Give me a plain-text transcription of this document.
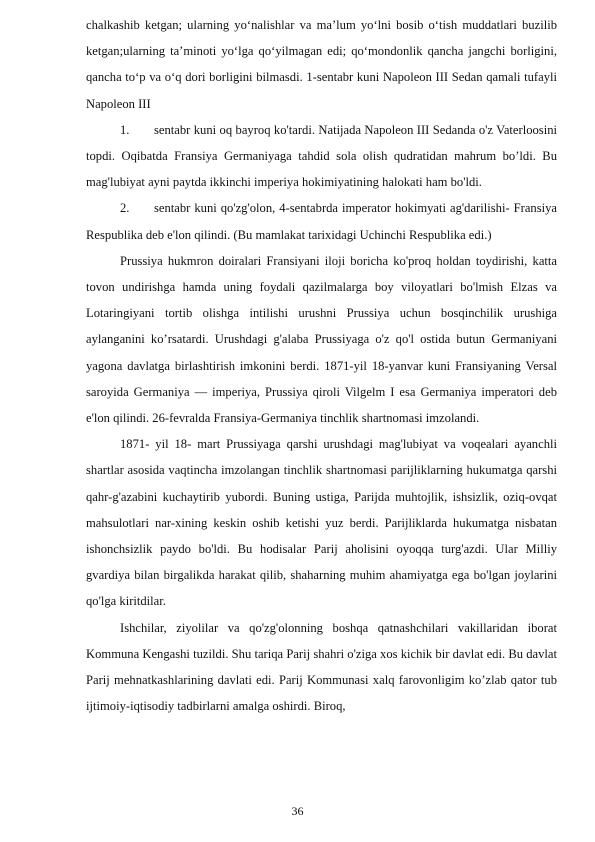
chalkashib ketgan; ularning yo‘nalishlar va ma’lum yo‘lni bosib o‘tish muddatlari buzilib ketgan;ularning ta’minoti yo‘lga qo‘yilmagan edi; qo‘mondonlik qancha jangchi borligini, qancha to‘p va o‘q dori borligini bilmasdi. 1-sentabr kuni Napoleon III Sedan qamali tufayli Napoleon III

1. sentabr kuni oq bayroq ko'tardi. Natijada Napoleon III Sedanda o'z Vaterloosini topdi. Oqibatda Fransiya Germaniyaga tahdid sola olish qudratidan mahrum bo’ldi. Bu mag'lubiyat ayni paytda ikkinchi imperiya hokimiyatining halokati ham bo'ldi.

2. sentabr kuni qo'zg'olon, 4-sentabrda imperator hokimyati ag'darilishi- Fransiya Respublika deb e'lon qilindi. (Bu mamlakat tarixidagi Uchinchi Respublika edi.)

Prussiya hukmron doiralari Fransiyani iloji boricha ko'proq holdan toydirishi, katta tovon undirishga hamda uning foydali qazilmalarga boy viloyatlari bo'lmish Elzas va Lotaringiyani tortib olishga intilishi urushni Prussiya uchun bosqinchilik urushiga aylanganini ko’rsatardi. Urushdagi g'alaba Prussiyaga o'z qo'l ostida butun Germaniyani yagona davlatga birlashtirish imkonini berdi. 1871-yil 18-yanvar kuni Fransiyaning Versal saroyida Germaniya — imperiya, Prussiya qiroli Vilgelm I esa Germaniya imperatori deb e'lon qilindi. 26-fevralda Fransiya-Germaniya tinchlik shartnomasi imzolandi.

1871- yil 18- mart Prussiyaga qarshi urushdagi mag'lubiyat va voqealari ayanchli shartlar asosida vaqtincha imzolangan tinchlik shartnomasi parijliklarning hukumatga qarshi qahr-g'azabini kuchaytirib yubordi. Buning ustiga, Parijda muhtojlik, ishsizlik, oziq-ovqat mahsulotlari nar-xining keskin oshib ketishi yuz berdi. Parijliklarda hukumatga nisbatan ishonchsizlik paydo bo'ldi. Bu hodisalar Parij aholisini oyoqqa turg'azdi. Ular Milliy gvardiya bilan birgalikda harakat qilib, shaharning muhim ahamiyatga ega bo'lgan joylarini qo'lga kiritdilar.

Ishchilar, ziyolilar va qo'zg'olonning boshqa qatnashchilari vakillaridan iborat Kommuna Kengashi tuzildi. Shu tariqa Parij shahri o'ziga xos kichik bir davlat edi. Bu davlat Parij mehnatkashlarining davlati edi. Parij Kommunasi xalq farovonligim ko’zlab qator tub ijtimoiy-iqtisodiy tadbirlarni amalga oshirdi. Biroq,

36
